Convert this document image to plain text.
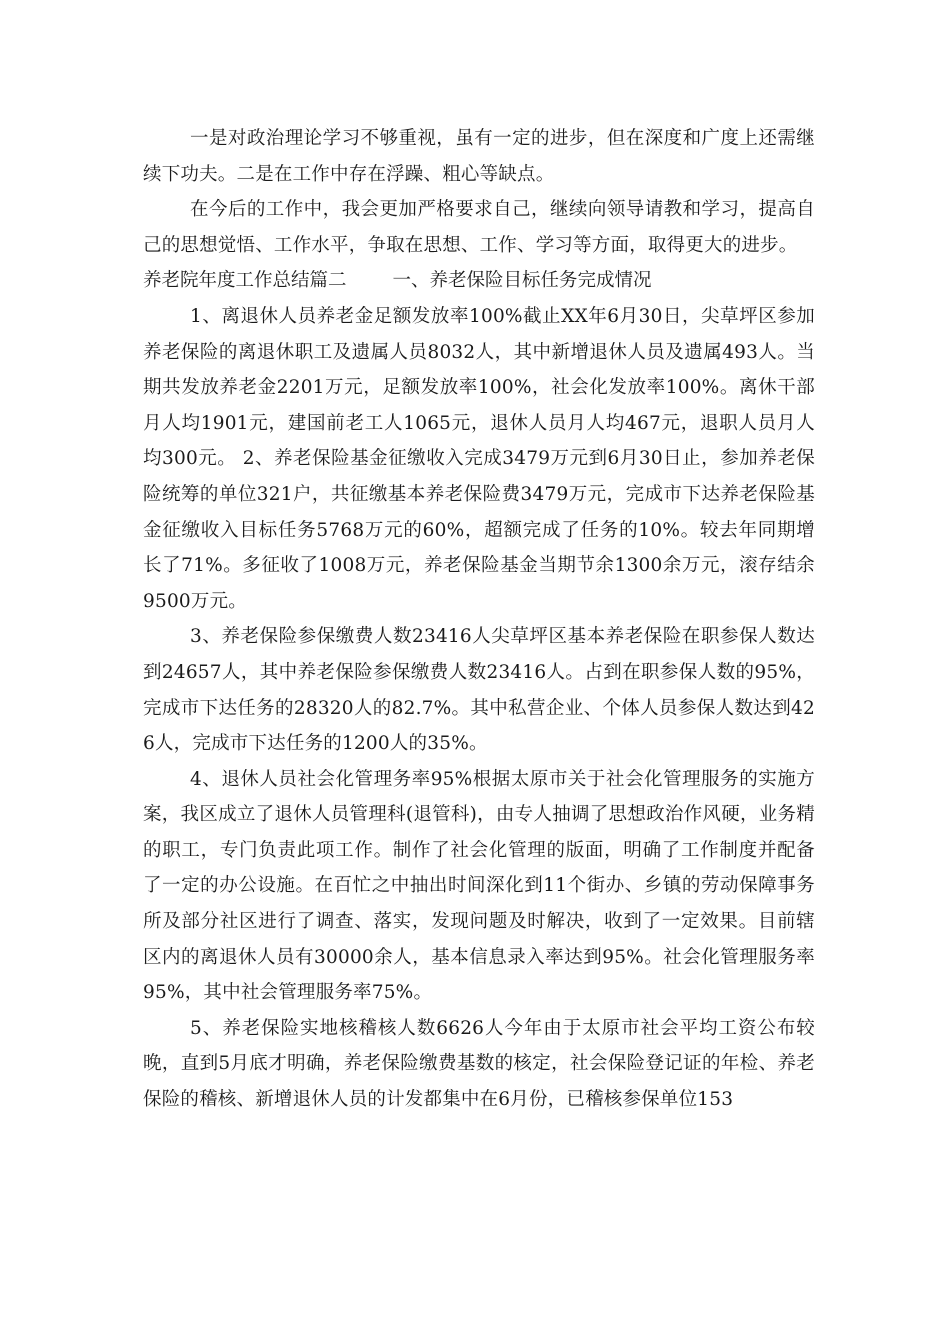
一是对政治理论学习不够重视，虽有一定的进步，但在深度和广度上还需继续下功夫。二是在工作中存在浮躁、粗心等缺点。

在今后的工作中，我会更加严格要求自己，继续向领导请教和学习，提高自己的思想觉悟、工作水平，争取在思想、工作、学习等方面，取得更大的进步。

养老院年度工作总结篇二 一、养老保险目标任务完成情况

1、离退休人员养老金足额发放率100%截止XX年6月30日，尖草坪区参加养老保险的离退休职工及遗属人员8032人，其中新增退休人员及遗属493人。当期共发放养老金2201万元，足额发放率100%，社会化发放率100%。离休干部月人均1901元，建国前老工人1065元，退休人员月人均467元，退职人员月人均300元。 2、养老保险基金征缴收入完成3479万元到6月30日止，参加养老保险统筹的单位321户，共征缴基本养老保险费3479万元，完成市下达养老保险基金征缴收入目标任务5768万元的60%，超额完成了任务的10%。较去年同期增长了71%。多征收了1008万元，养老保险基金当期节余1300余万元，滚存结余9500万元。

3、养老保险参保缴费人数23416人尖草坪区基本养老保险在职参保人数达到24657人，其中养老保险参保缴费人数23416人。占到在职参保人数的95%，完成市下达任务的28320人的82.7%。其中私营企业、个体人员参保人数达到426人，完成市下达任务的1200人的35%。

4、退休人员社会化管理务率95%根据太原市关于社会化管理服务的实施方案，我区成立了退休人员管理科(退管科)，由专人抽调了思想政治作风硬，业务精的职工，专门负责此项工作。制作了社会化管理的版面，明确了工作制度并配备了一定的办公设施。在百忙之中抽出时间深化到11个街办、乡镇的劳动保障事务所及部分社区进行了调查、落实，发现问题及时解决，收到了一定效果。目前辖区内的离退休人员有30000余人，基本信息录入率达到95%。社会化管理服务率95%，其中社会管理服务率75%。

5、养老保险实地核稽核人数6626人今年由于太原市社会平均工资公布较晚，直到5月底才明确，养老保险缴费基数的核定，社会保险登记证的年检、养老保险的稽核、新增退休人员的计发都集中在6月份，已稽核参保单位153
